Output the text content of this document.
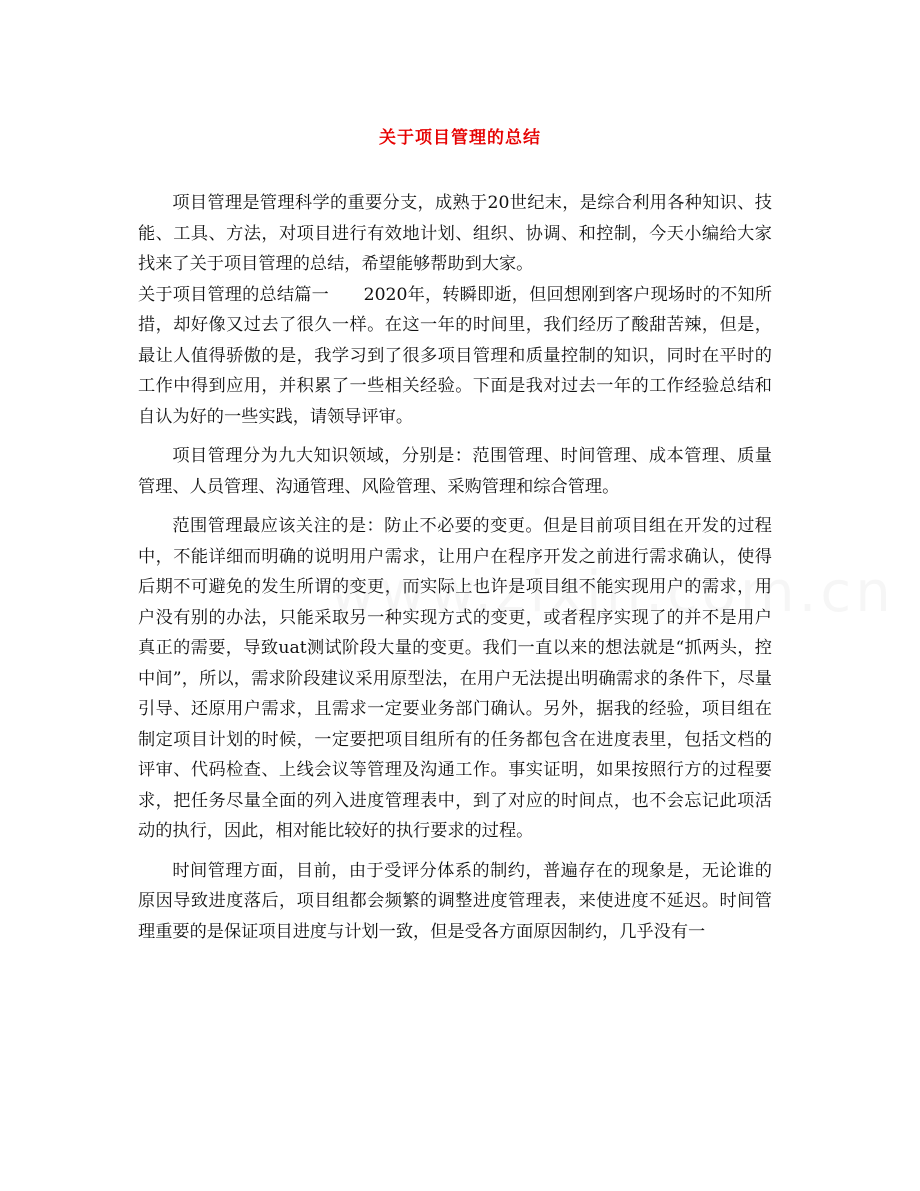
关于项目管理的总结

项目管理是管理科学的重要分支，成熟于20世纪末，是综合利用各种知识、技能、工具、方法，对项目进行有效地计划、组织、协调、和控制，今天小编给大家找来了关于项目管理的总结，希望能够帮助到大家。

关于项目管理的总结篇一　　2020年，转瞬即逝，但回想刚到客户现场时的不知所措，却好像又过去了很久一样。在这一年的时间里，我们经历了酸甜苦辣，但是，最让人值得骄傲的是，我学习到了很多项目管理和质量控制的知识，同时在平时的工作中得到应用，并积累了一些相关经验。下面是我对过去一年的工作经验总结和自认为好的一些实践，请领导评审。

项目管理分为九大知识领域，分别是：范围管理、时间管理、成本管理、质量管理、人员管理、沟通管理、风险管理、采购管理和综合管理。

范围管理最应该关注的是：防止不必要的变更。但是目前项目组在开发的过程中，不能详细而明确的说明用户需求，让用户在程序开发之前进行需求确认，使得后期不可避免的发生所谓的变更，而实际上也许是项目组不能实现用户的需求，用户没有别的办法，只能采取另一种实现方式的变更，或者程序实现了的并不是用户真正的需要，导致uat测试阶段大量的变更。我们一直以来的想法就是“抓两头，控中间”，所以，需求阶段建议采用原型法，在用户无法提出明确需求的条件下，尽量引导、还原用户需求，且需求一定要业务部门确认。另外，据我的经验，项目组在制定项目计划的时候，一定要把项目组所有的任务都包含在进度表里，包括文档的评审、代码检查、上线会议等管理及沟通工作。事实证明，如果按照行方的过程要求，把任务尽量全面的列入进度管理表中，到了对应的时间点，也不会忘记此项活动的执行，因此，相对能比较好的执行要求的过程。

时间管理方面，目前，由于受评分体系的制约，普遍存在的现象是，无论谁的原因导致进度落后，项目组都会频繁的调整进度管理表，来使进度不延迟。时间管理重要的是保证项目进度与计划一致，但是受各方面原因制约，几乎没有一
